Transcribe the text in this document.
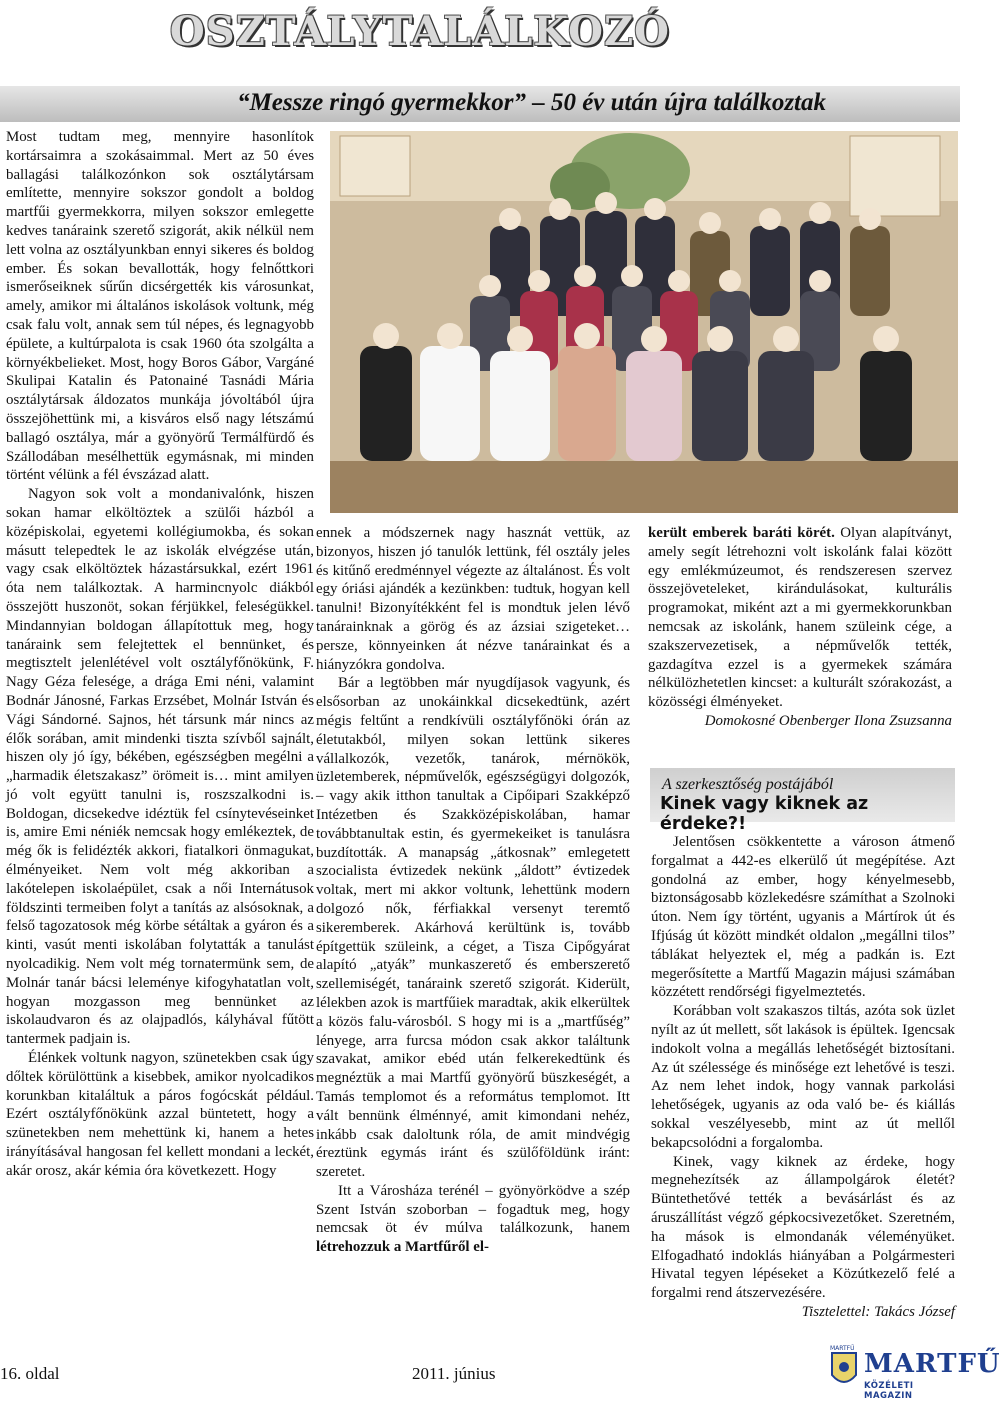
OSZTÁLYTALÁLKOZÓ
“Messze ringó gyermekkor” – 50 év után újra találkoztak

Most tudtam meg, mennyire hasonlítok kortársaimra a szokásaimmal. Mert az 50 éves ballagási találkozónkon sok osztálytársam említette, mennyire sokszor gondolt a boldog martfűi gyermekkorra, milyen sokszor emlegette kedves tanáraink szerető szigorát, akik nélkül nem lett volna az osztályunkban ennyi sikeres és boldog ember. És sokan bevallották, hogy felnőttkori ismerőseiknek sűrűn dicsérgették kis városunkat, amely, amikor mi általános iskolások voltunk, még csak falu volt, annak sem túl népes, és legnagyobb épülete, a kultúrpalota is csak 1960 óta szolgálta a környékbelieket. Most, hogy Boros Gábor, Vargáné Skulipai Katalin és Patonainé Tasnádi Mária osztálytársak áldozatos munkája jóvoltából újra összejöhettünk mi, a kisváros első nagy létszámú ballagó osztálya, már a gyönyörű Termálfürdő és Szállodában mesélhettük egymásnak, mi minden történt vélünk a fél évszázad alatt.

Nagyon sok volt a mondanivalónk, hiszen sokan hamar elköltöztek a szülői házból a középiskolai, egyetemi kollégiumokba, és sokan másutt telepedtek le az iskolák elvégzése után, vagy csak elköltöztek házastársukkal, ezért 1961 óta nem találkoztak. A harmincnyolc diákból összejött huszonöt, sokan férjükkel, feleségükkel. Mindannyian boldogan állapítottuk meg, hogy tanáraink sem felejtettek el bennünket, és megtisztelt jelenlétével volt osztályfőnökünk, F. Nagy Géza felesége, a drága Emi néni, valamint Bodnár Jánosné, Farkas Erzsébet, Molnár István és Vági Sándorné. Sajnos, hét társunk már nincs az élők sorában, amit mindenki tiszta szívből sajnált, hiszen oly jó így, békében, egészségben megélni a „harmadik életszakasz” örömeit is… mint amilyen jó volt együtt tanulni is, roszszalkodni is. Boldogan, dicsekedve idéztük fel csínytevéseinket is, amire Emi néniék nemcsak hogy emlékeztek, de még ők is felidézték akkori, fiatalkori önmagukat, élményeiket. Nem volt még akkoriban a lakótelepen iskolaépület, csak a női Internátusok földszinti termeiben folyt a tanítás az alsósoknak, a felső tagozatosok még körbe sétáltak a gyáron és a kinti, vasút menti iskolában folytatták a tanulást nyolcadikig. Nem volt még tornatermünk sem, de Molnár tanár bácsi leleménye kifogyhatatlan volt, hogyan mozgasson meg bennünket az iskolaudvaron és az olajpadlós, kályhával fűtött tantermek padjain is.

Élénkek voltunk nagyon, szünetekben csak úgy dőltek körülöttünk a kisebbek, amikor nyolcadikos korunkban kitaláltuk a páros fogócskát például. Ezért osztályfőnökünk azzal büntetett, hogy a szünetekben nem mehettünk ki, hanem a hetes irányításával hangosan fel kellett mondani a leckét, akár orosz, akár kémia óra következett. Hogy

ennek a módszernek nagy hasznát vettük, az bizonyos, hiszen jó tanulók lettünk, fél osztály jeles és kitűnő eredménnyel végezte az általánost. És volt egy óriási ajándék a kezünkben: tudtuk, hogyan kell tanulni! Bizonyítékként fel is mondtuk jelen lévő tanárainknak a görög és az ázsiai szigeteket… persze, könnyeinken át nézve tanárainkat és a hiányzókra gondolva.

Bár a legtöbben már nyugdíjasok vagyunk, és elsősorban az unokáinkkal dicsekedtünk, azért mégis feltűnt a rendkívüli osztályfőnöki órán az életutakból, milyen sokan lettünk sikeres vállalkozók, vezetők, tanárok, mérnökök, üzletemberek, népművelők, egészségügyi dolgozók, – vagy akik itthon tanultak a Cipőipari Szakképző Intézetben és Szakközépiskolában, hamar továbbtanultak estin, és gyermekeiket is tanulásra buzdították. A manapság „átkosnak” emlegetett szocialista évtizedek nekünk „áldott” évtizedek voltak, mert mi akkor voltunk, lehettünk modern dolgozó nők, férfiakkal versenyt teremtő sikeremberek. Akárhová kerültünk is, tovább építgettük szüleink, a céget, a Tisza Cipőgyárat alapító „atyák” munkaszerető és emberszerető szellemiségét, tanáraink szerető szigorát. Kiderült, lélekben azok is martfűiek maradtak, akik elkerültek a közös falu-városból. S hogy mi is a „martfűség” lényege, arra furcsa módon csak akkor találtunk szavakat, amikor ebéd után felkerekedtünk és megnéztük a mai Martfű gyönyörű büszkeségét, a Tamás templomot és a református templomot. Itt vált bennünk élménnyé, amit kimondani nehéz, inkább csak daloltunk róla, de amit mindvégig éreztünk egymás iránt és szülőföldünk iránt: szeretet.

Itt a Városháza terénél – gyönyörködve a szép Szent István szoborban – fogadtuk meg, hogy nemcsak öt év múlva találkozunk, hanem létrehozzuk a Martfűről el-

került emberek baráti körét. Olyan alapítványt, amely segít létrehozni volt iskolánk falai között egy emlékmúzeumot, és rendszeresen szervez összejöveteleket, kirándulásokat, kulturális programokat, miként azt a mi gyermekkorunkban nemcsak az iskolánk, hanem szüleink cége, a szakszervezetisek, a népművelők tették, gazdagítva ezzel is a gyermekek számára nélkülözhetetlen kincset: a kulturált szórakozást, a közösségi élményeket.

Domokosné Obenberger Ilona Zsuzsanna

A szerkesztőség postájából
Kinek vagy kiknek az érdeke?!

Jelentősen csökkentette a városon átmenő forgalmat a 442-es elkerülő út megépítése. Azt gondolná az ember, hogy kényelmesebb, biztonságosabb közlekedésre számíthat a Szolnoki úton. Nem így történt, ugyanis a Mártírok út és Ifjúság út között mindkét oldalon „megállni tilos” táblákat helyeztek el, még a padkán is. Ezt megerősítette a Martfű Magazin májusi számában közzétett rendőrségi figyelmeztetés.

Korábban volt szakaszos tiltás, azóta sok üzlet nyílt az út mellett, sőt lakások is épültek. Igencsak indokolt volna a megállás lehetőségét biztosítani. Az út szélessége és minősége ezt lehetővé is teszi. Az nem lehet indok, hogy vannak parkolási lehetőségek, ugyanis az oda való be- és kiállás sokkal veszélyesebb, mint az út mellől bekapcsolódni a forgalomba.

Kinek, vagy kiknek az érdeke, hogy megnehezítsék az állampolgárok életét? Büntethetővé tették a bevásárlást és az áruszállítást végző gépkocsivezetőket. Szeretném, ha mások is elmondanák véleményüket. Elfogadható indoklás hiányában a Polgármesteri Hivatal tegyen lépéseket a Közútkezelő felé a forgalmi rend átszervezésére.

Tisztelettel: Takács József

16. oldal	2011. június
MARTFŰ
MARTFŰ
KÖZÉLETI MAGAZIN
